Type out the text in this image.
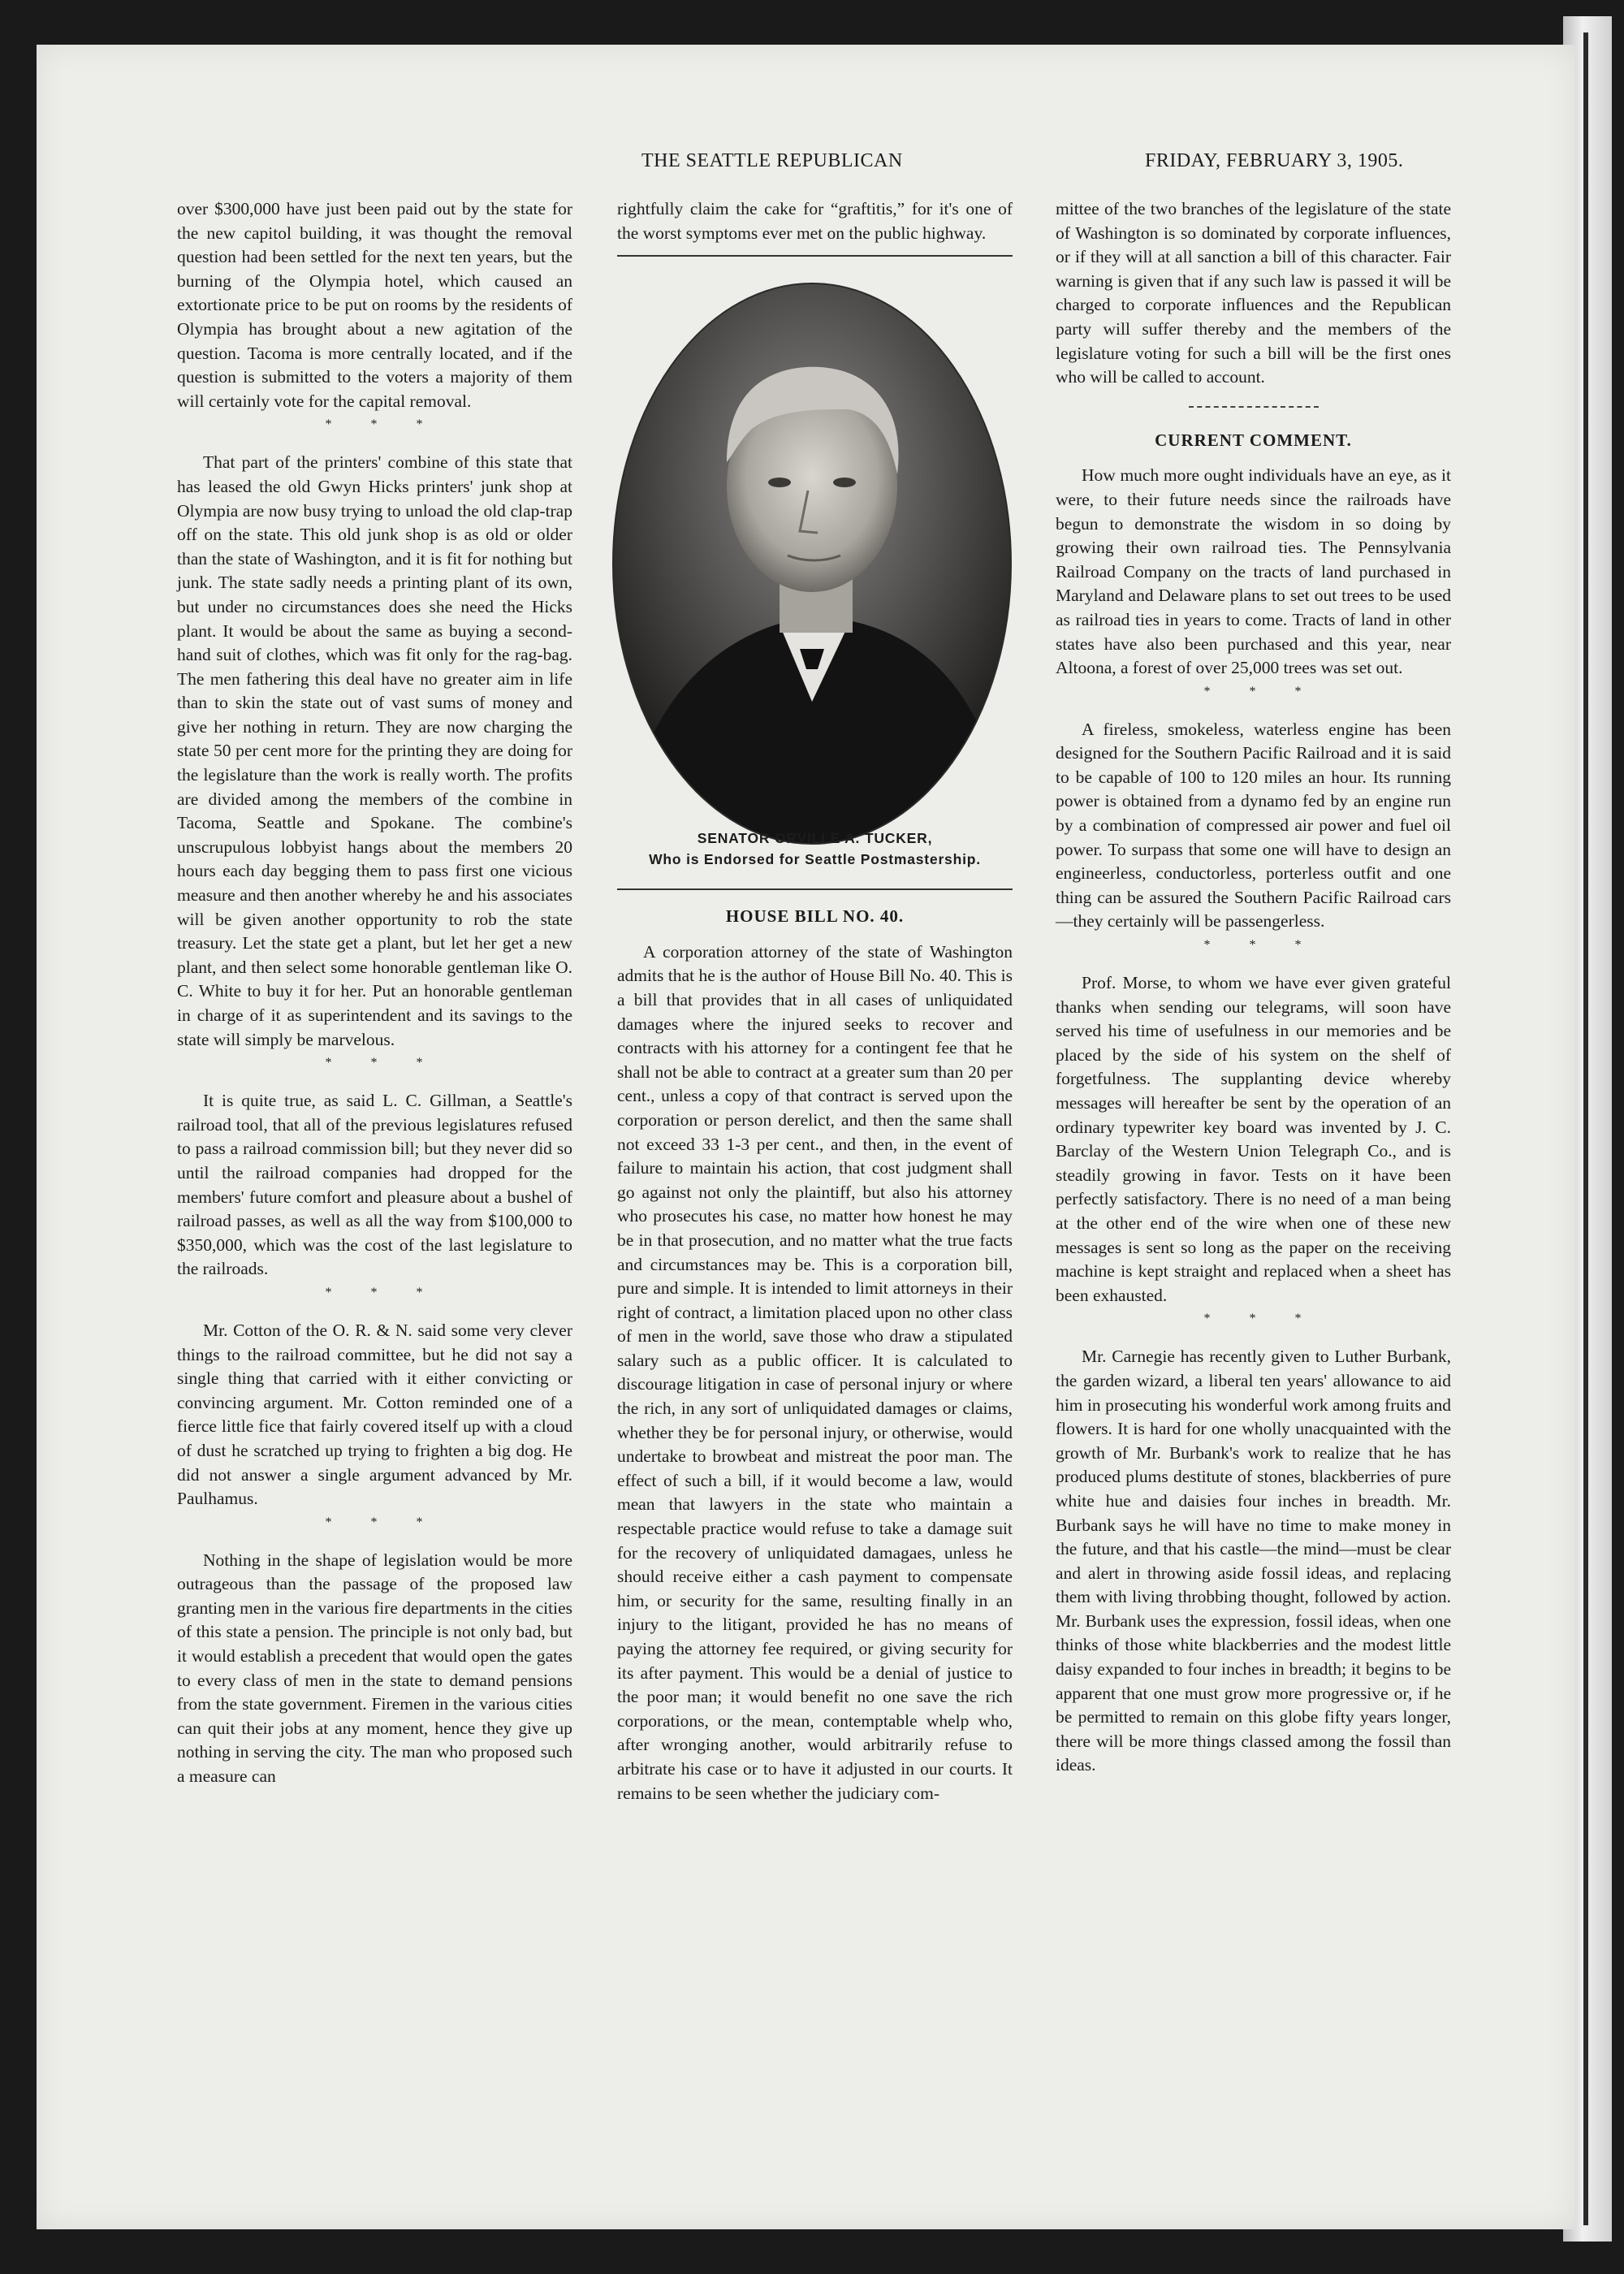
THE SEATTLE REPUBLICAN	FRIDAY, FEBRUARY 3, 1905.

over $300,000 have just been paid out by the state for the new capitol building, it was thought the removal question had been settled for the next ten years, but the burning of the Olympia hotel, which caused an extortionate price to be put on rooms by the residents of Olympia has brought about a new agitation of the question. Tacoma is more centrally located, and if the question is submitted to the voters a majority of them will certainly vote for the capital removal.

* * *

That part of the printers' combine of this state that has leased the old Gwyn Hicks printers' junk shop at Olympia are now busy trying to unload the old clap-trap off on the state. This old junk shop is as old or older than the state of Washington, and it is fit for nothing but junk. The state sadly needs a printing plant of its own, but under no circumstances does she need the Hicks plant. It would be about the same as buying a second-hand suit of clothes, which was fit only for the rag-bag. The men fathering this deal have no greater aim in life than to skin the state out of vast sums of money and give her nothing in return. They are now charging the state 50 per cent more for the printing they are doing for the legislature than the work is really worth. The profits are divided among the members of the combine in Tacoma, Seattle and Spokane. The combine's unscrupulous lobbyist hangs about the members 20 hours each day begging them to pass first one vicious measure and then another whereby he and his associates will be given another opportunity to rob the state treasury. Let the state get a plant, but let her get a new plant, and then select some honorable gentleman like O. C. White to buy it for her. Put an honorable gentleman in charge of it as superintendent and its savings to the state will simply be marvelous.

* * *

It is quite true, as said L. C. Gillman, a Seattle's railroad tool, that all of the previous legislatures refused to pass a railroad commission bill; but they never did so until the railroad companies had dropped for the members' future comfort and pleasure about a bushel of railroad passes, as well as all the way from $100,000 to $350,000, which was the cost of the last legislature to the railroads.

* * *

Mr. Cotton of the O. R. & N. said some very clever things to the railroad committee, but he did not say a single thing that carried with it either convicting or convincing argument. Mr. Cotton reminded one of a fierce little fice that fairly covered itself up with a cloud of dust he scratched up trying to frighten a big dog. He did not answer a single argument advanced by Mr. Paulhamus.

* * *

Nothing in the shape of legislation would be more outrageous than the passage of the proposed law granting men in the various fire departments in the cities of this state a pension. The principle is not only bad, but it would establish a precedent that would open the gates to every class of men in the state to demand pensions from the state government. Firemen in the various cities can quit their jobs at any moment, hence they give up nothing in serving the city. The man who proposed such a measure can

rightfully claim the cake for “graftitis,” for it's one of the worst symptoms ever met on the public highway.

SENATOR ORVILLE A. TUCKER,
Who is Endorsed for Seattle Postmastership.
HOUSE BILL NO. 40.

A corporation attorney of the state of Washington admits that he is the author of House Bill No. 40. This is a bill that provides that in all cases of unliquidated damages where the injured seeks to recover and contracts with his attorney for a contingent fee that he shall not be able to contract at a greater sum than 20 per cent., unless a copy of that contract is served upon the corporation or person derelict, and then the same shall not exceed 33 1-3 per cent., and then, in the event of failure to maintain his action, that cost judgment shall go against not only the plaintiff, but also his attorney who prosecutes his case, no matter how honest he may be in that prosecution, and no matter what the true facts and circumstances may be. This is a corporation bill, pure and simple. It is intended to limit attorneys in their right of contract, a limitation placed upon no other class of men in the world, save those who draw a stipulated salary such as a public officer. It is calculated to discourage litigation in case of personal injury or where the rich, in any sort of unliquidated damages or claims, whether they be for personal injury, or otherwise, would undertake to browbeat and mistreat the poor man. The effect of such a bill, if it would become a law, would mean that lawyers in the state who maintain a respectable practice would refuse to take a damage suit for the recovery of unliquidated damagaes, unless he should receive either a cash payment to compensate him, or security for the same, resulting finally in an injury to the litigant, provided he has no means of paying the attorney fee required, or giving security for its after payment. This would be a denial of justice to the poor man; it would benefit no one save the rich corporations, or the mean, contemptable whelp who, after wronging another, would arbitrarily refuse to arbitrate his case or to have it adjusted in our courts. It remains to be seen whether the judiciary com-

mittee of the two branches of the legislature of the state of Washington is so dominated by corporate influences, or if they will at all sanction a bill of this character. Fair warning is given that if any such law is passed it will be charged to corporate influences and the Republican party will suffer thereby and the members of the legislature voting for such a bill will be the first ones who will be called to account.

CURRENT COMMENT.

How much more ought individuals have an eye, as it were, to their future needs since the railroads have begun to demonstrate the wisdom in so doing by growing their own railroad ties. The Pennsylvania Railroad Company on the tracts of land purchased in Maryland and Delaware plans to set out trees to be used as railroad ties in years to come. Tracts of land in other states have also been purchased and this year, near Altoona, a forest of over 25,000 trees was set out.

* * *

A fireless, smokeless, waterless engine has been designed for the Southern Pacific Railroad and it is said to be capable of 100 to 120 miles an hour. Its running power is obtained from a dynamo fed by an engine run by a combination of compressed air power and fuel oil power. To surpass that some one will have to design an engineerless, conductorless, porterless outfit and one thing can be assured the Southern Pacific Railroad cars—they certainly will be passengerless.

* * *

Prof. Morse, to whom we have ever given grateful thanks when sending our telegrams, will soon have served his time of usefulness in our memories and be placed by the side of his system on the shelf of forgetfulness. The supplanting device whereby messages will hereafter be sent by the operation of an ordinary typewriter key board was invented by J. C. Barclay of the Western Union Telegraph Co., and is steadily growing in favor. Tests on it have been perfectly satisfactory. There is no need of a man being at the other end of the wire when one of these new messages is sent so long as the paper on the receiving machine is kept straight and replaced when a sheet has been exhausted.

* * *

Mr. Carnegie has recently given to Luther Burbank, the garden wizard, a liberal ten years' allowance to aid him in prosecuting his wonderful work among fruits and flowers. It is hard for one wholly unacquainted with the growth of Mr. Burbank's work to realize that he has produced plums destitute of stones, blackberries of pure white hue and daisies four inches in breadth. Mr. Burbank says he will have no time to make money in the future, and that his castle—the mind—must be clear and alert in throwing aside fossil ideas, and replacing them with living throbbing thought, followed by action. Mr. Burbank uses the expression, fossil ideas, when one thinks of those white blackberries and the modest little daisy expanded to four inches in breadth; it begins to be apparent that one must grow more progressive or, if he be permitted to remain on this globe fifty years longer, there will be more things classed among the fossil than ideas.
